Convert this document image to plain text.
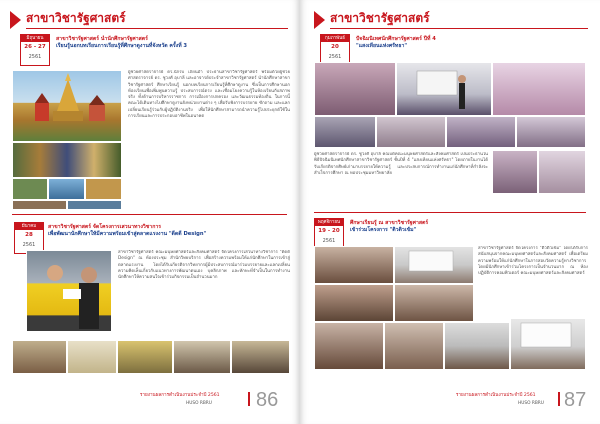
สาขาวิชารัฐศาสตร์
มิถุนายน
26 - 27
2561
สาขาวิชารัฐศาสตร์ นำนักศึกษารัฐศาสตร์
เรียนรู้นอกบทเรียนการเรียนรู้ที่ศึกษาดูงานที่จังหวัด ครั้งที่ 3
ผู้ช่วยศาสตราจารย์ ดร.นักรบ เถียนอ้ำ ประธานสาขาวิชารัฐศาสตร์ พร้อมด้วยผู้ช่วยศาสตราจารย์ ดร. ชูวงศ์ อุบาลี และอาจารย์ประจำสาขาวิชารัฐศาสตร์ นำนักศึกษาสาขาวิชารัฐศาสตร์ ศึกษาเรียนรู้ นอกบทเรียนการเรียนรู้ที่ศึกษาดูงาน ซึ่งเป็นการศึกษานอกห้องเรียนเพื่อเพิ่มพูนความรู้ ประสบการณ์ตรง และเชื่อมโยงความรู้ในห้องเรียนกับสภาพจริง ทั้งด้านการบริหารราชการ การเมืองการปกครอง และวัฒนธรรมท้องถิ่น ในการนี้คณะได้เดินทางไปศึกษาดูงานยังหน่วยงานต่าง ๆ เพื่อรับฟังการบรรยาย ซักถาม และแลกเปลี่ยนเรียนรู้ร่วมกับผู้ปฏิบัติงานจริง เพื่อให้นักศึกษาสามารถนำความรู้ไปประยุกต์ใช้ในการเรียนและการประกอบอาชีพในอนาคต
มีนาคม
28
2561
สาขาวิชารัฐศาสตร์ จัดโครงการเสวนาทางวิชาการ
เพื่อพัฒนานักศึกษาให้มีความพร้อมเข้าสู่ตลาดแรงงาน "ดีดดี Design"
สาขาวิชารัฐศาสตร์ คณะมนุษยศาสตร์และสังคมศาสตร์ จัดโครงการเสวนาทางวิชาการ "ดีดดี Design" ณ ห้องประชุม สำนักวิทยบริการ เพื่อสร้างความพร้อมให้แก่นักศึกษาในการเข้าสู่ตลาดแรงงาน โดยได้รับเกียรติจากวิทยากรผู้มีประสบการณ์มาร่วมบรรยายและแลกเปลี่ยนความคิดเห็นเกี่ยวกับแนวทางการพัฒนาตนเอง บุคลิกภาพ และทักษะที่จำเป็นในการทำงาน นักศึกษาให้ความสนใจเข้าร่วมกิจกรรมเป็นจำนวนมาก
รายงานผลการดำเนินงานประจำปี 2561
HUSO RBRU 86
สาขาวิชารัฐศาสตร์
กุมภาพันธ์
20
2561
ปัจฉิมนิเทศนักศึกษารัฐศาสตร์ ปีที่ 4
"แสงเทียนแห่งศรัทธา"
ผู้ช่วยศาสตราจารย์ ดร. ชูวงศ์ อุบาลี คณบดีคณะมนุษยศาสตร์และสังคมศาสตร์ เป็นประธานในพิธีปัจฉิมนิเทศนักศึกษาสาขาวิชารัฐศาสตร์ ชั้นปีที่ 4 "แสงเทียนแห่งศรัทธา" โดยภายในงานได้รับเกียรติจากศิษย์เก่ามาบรรยายให้ความรู้ และประสบการณ์การทำงานแก่นักศึกษาที่กำลังจะสำเร็จการศึกษา ณ หอประชุมมหาวิทยาลัย
พฤศจิกายน
19 - 20
2561
ศึกษาเรียนรู้ ณ สาขาวิชารัฐศาสตร์
เข้าร่วมโครงการ "ติวติวเข้ม"
สาขาวิชารัฐศาสตร์ จัดโครงการ "ติวติวเข้ม" โดยได้รับการสนับสนุนจากคณะมนุษยศาสตร์และสังคมศาสตร์ เพื่อเตรียมความพร้อมให้แก่นักศึกษาในการสอบวัดความรู้ทางวิชาการ โดยมีนักศึกษาเข้าร่วมโครงการเป็นจำนวนมาก ณ ห้องปฏิบัติการคอมพิวเตอร์ คณะมนุษยศาสตร์และสังคมศาสตร์
รายงานผลการดำเนินงานประจำปี 2561
HUSO RBRU 87
